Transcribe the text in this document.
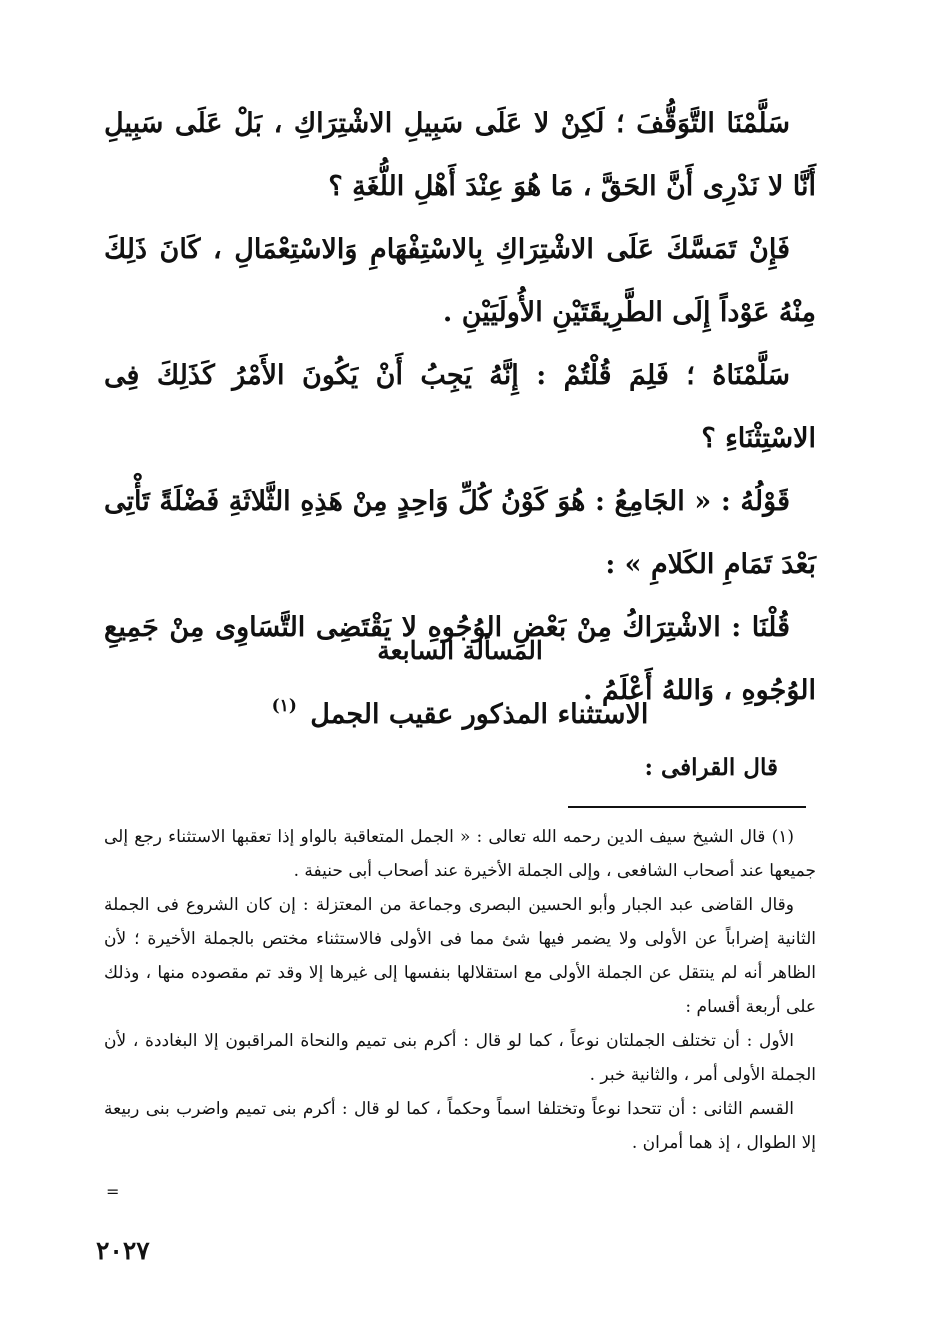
سَلَّمْنَا التَّوَقُّفَ ؛ لَكِنْ لا عَلَى سَبِيلِ الاشْتِرَاكِ ، بَلْ عَلَى سَبِيلِ أَنَّا لا نَدْرِى أَنَّ الحَقَّ ، مَا هُوَ عِنْدَ أَهْلِ اللُّغَةِ ؟

فَإِنْ تَمَسَّكَ عَلَى الاشْتِرَاكِ بِالاسْتِفْهَامِ وَالاسْتِعْمَالِ ، كَانَ ذَلِكَ مِنْهُ عَوْداً إِلَى الطَّرِيقَتَيْنِ الأُولَيَيْنِ .

سَلَّمْنَاهُ ؛ فَلِمَ قُلْتُمْ : إِنَّهُ يَجِبُ أَنْ يَكُونَ الأَمْرُ كَذَلِكَ فِى الاسْتِثْنَاءِ ؟

قَوْلُهُ : « الجَامِعُ : هُوَ كَوْنُ كُلِّ وَاحِدٍ مِنْ هَذِهِ الثَّلاثَةِ فَضْلَةً تَأْتِى بَعْدَ تَمَامِ الكَلامِ » :

قُلْنَا : الاشْتِرَاكُ مِنْ بَعْضِ الوُجُوهِ لا يَقْتَضِى التَّسَاوِى مِنْ جَمِيعِ الوُجُوهِ ، وَاللهُ أَعْلَمُ .

المسألة السابعة
الاستثناء المذكور عقيب الجمل $^{(١)}$
قال القرافى :

(١) قال الشيخ سيف الدين رحمه الله تعالى : « الجمل المتعاقبة بالواو إذا تعقبها الاستثناء رجع إلى جميعها عند أصحاب الشافعى ، وإلى الجملة الأخيرة عند أصحاب أبى حنيفة .

وقال القاضى عبد الجبار وأبو الحسين البصرى وجماعة من المعتزلة : إن كان الشروع فى الجملة الثانية إضراباً عن الأولى ولا يضمر فيها شئ مما فى الأولى فالاستثناء مختص بالجملة الأخيرة ؛ لأن الظاهر أنه لم ينتقل عن الجملة الأولى مع استقلالها بنفسها إلى غيرها إلا وقد تم مقصوده منها ، وذلك على أربعة أقسام :

الأول : أن تختلف الجملتان نوعاً ، كما لو قال : أكرم بنى تميم والنحاة المراقبون إلا البغاددة ، لأن الجملة الأولى أمر ، والثانية خبر .

القسم الثانى : أن تتحدا نوعاً وتختلفا اسماً وحكماً ، كما لو قال : أكرم بنى تميم واضرب بنى ربيعة إلا الطوال ، إذ هما أمران .

=
٢٠٢٧
